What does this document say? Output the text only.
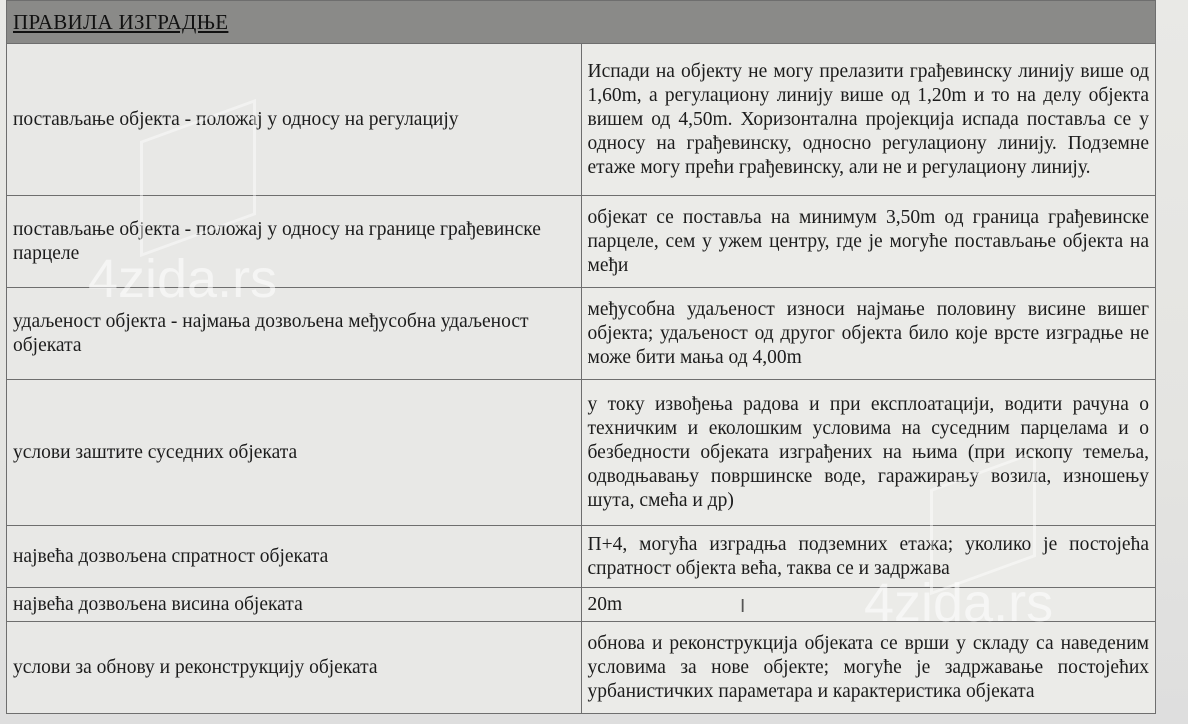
ПРАВИЛА ИЗГРАДЊЕ	
постављање објекта - положај у односу на регулацију	Испади на објекту не могу прелазити грађевинску линију више од 1,60m, а регулациону линију више од 1,20m и то на делу објекта вишем од 4,50m. Хоризонтална пројекција испада поставља се у односу на грађевинску, односно регулациону линију. Подземне етаже могу прећи грађевинску, али не и регулациону линију.
постављање објекта - положај у односу на границе грађевинске парцеле	објекат се поставља на минимум 3,50m од граница грађевинске парцеле, сем у ужем центру, где је могуће постављање објекта на међи
удаљеност објекта - најмања дозвољена међусобна удаљеност објеката	међусобна удаљеност износи најмање половину висине вишег објекта; удаљеност од другог објекта било које врсте изградње не може бити мања од 4,00m
услови заштите суседних објеката	у току извођења радова и при експлоатацији, водити рачуна о техничким и еколошким условима на суседним парцелама и о безбедности објеката изграђених на њима (при ископу темеља, одводњавању површинске воде, гаражирању возила, изношењу шута, смећа и др)
највећа дозвољена спратност објеката	П+4, могућа изградња подземних етажа; уколико је постојећа спратност објекта већа, таква се и задржава
највећа дозвољена висина објеката	20m
услови за обнову и реконструкцију објеката	обнова и реконструкција објеката се врши у складу са наведеним условима за нове објекте; могуће је задржавање постојећих урбанистичких параметара и карактеристика објеката
4zida.rs
4zida.rs
I
